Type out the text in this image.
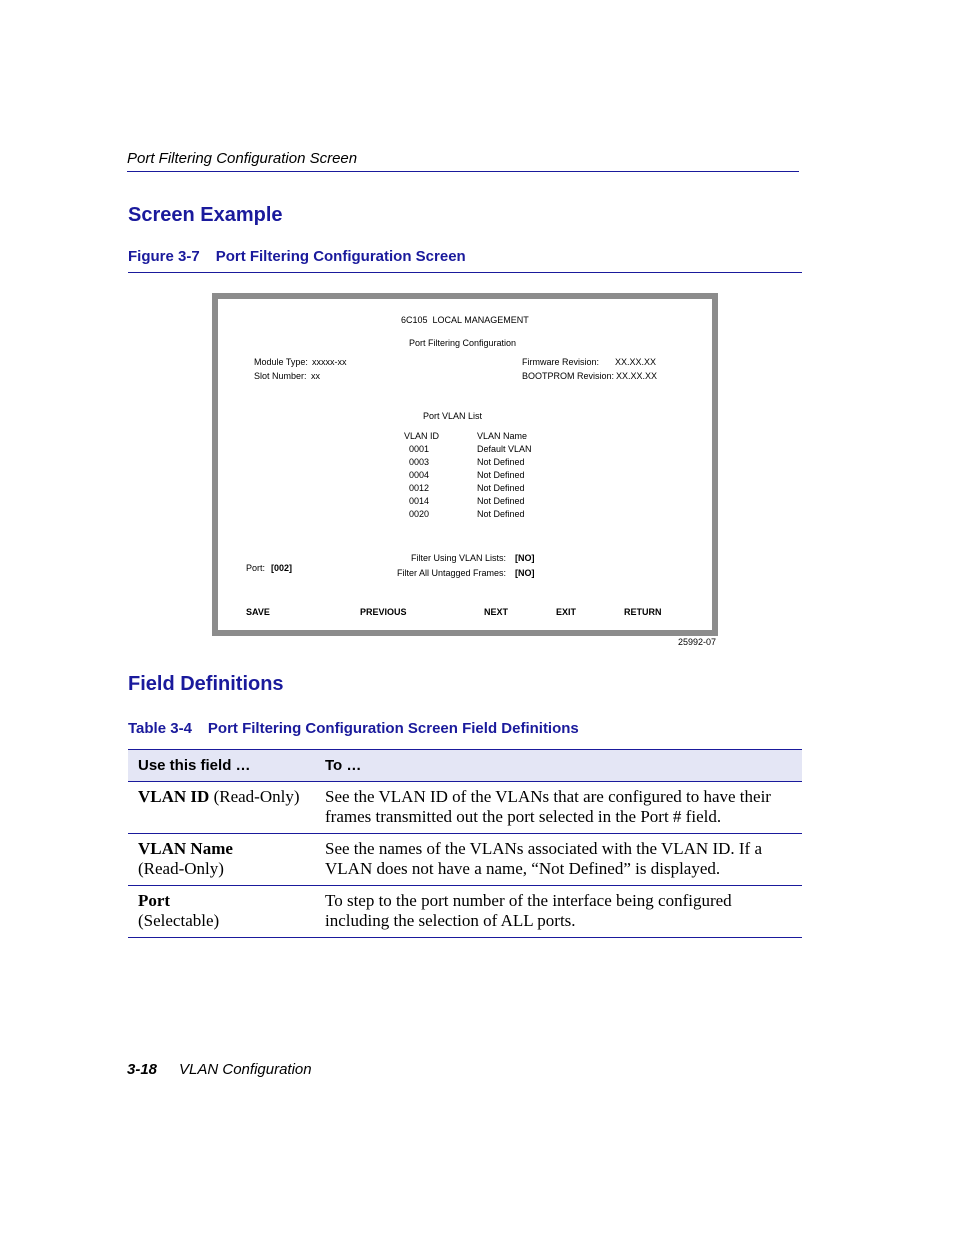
Port Filtering Configuration Screen
Screen Example
Figure 3-7 Port Filtering Configuration Screen
6C105  LOCAL MANAGEMENT
Port Filtering Configuration
Module Type: xxxxx-xx
Slot Number: xx
Firmware Revision: XX.XX.XX
BOOTPROM Revision: XX.XX.XX
Port VLAN List
VLAN ID	VLAN Name
0001	Default VLAN
0003	Not Defined
0004	Not Defined
0012	Not Defined
0014	Not Defined
0020	Not Defined
Port: [002]
Filter Using VLAN Lists: [NO]
Filter All Untagged Frames: [NO]
SAVE	PREVIOUS	NEXT	EXIT	RETURN
25992-07
Field Definitions
Table 3-4 Port Filtering Configuration Screen Field Definitions
Use this field …	To …
VLAN ID (Read-Only)	See the VLAN ID of the VLANs that are configured to have their frames transmitted out the port selected in the Port # field.
VLAN Name
(Read-Only)	See the names of the VLANs associated with the VLAN ID. If a VLAN does not have a name, “Not Defined” is displayed.
Port
(Selectable)	To step to the port number of the interface being configured including the selection of ALL ports.
3-18 VLAN Configuration
